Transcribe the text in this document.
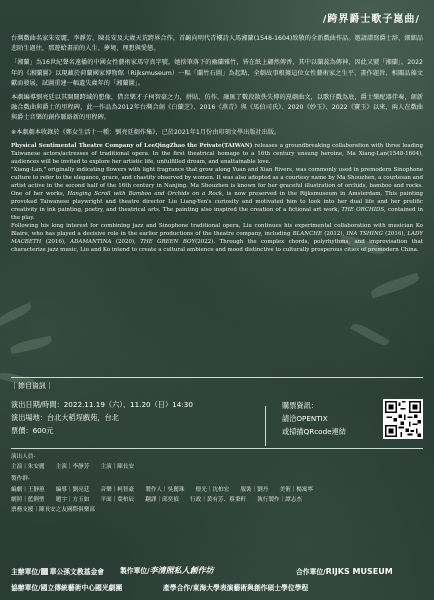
/跨界爵士歌子崑曲/

台灣戲曲名家朱安麗、李靜芳、陳長安及大歲天荒跨界合作，首齣向明代青樓詩人馬湘蘭(1548-1604)致敬的全新戲曲作品。邀請譜寫爵士辞，細細品悲陌生過往，那遊蛤畫前的人生、夢境、理想與愛戀。

「湘蘭」為16世紀聲名遠播的中國女性藝術家馬守真字號，她捨筆落下的幽蘭雅竹，皆在紙上翩然傳香，其中以蘭蕊為傳神，因此又號「湘蘭」。2022年的《湘蘭圖》以現藏於荷蘭國家博物館（Rijksmuseum）一幅「蘭竹石圖」為起點，全劇故事根據這位女性藝術家之生平、畫作題旨、相關品藻文獻而發展，試圖重建一幅遺失歲年的「湘蘭圖」。

本劇編導劉亮廷以其開闊跨域的想像，借音樂才子柯智豪之力，拼貼、仿作、融匯了數段散佚失傳的崑劇曲文，以歌仔戲為底，爵士樂配器伴奏，創新融合戲曲與爵士的里程碑，此一作品為2012年台灣合創《白蘭芝》、2016《燕青》與《馬伯司氏》、2020《妙玉》、2022《寶玉》以來，兩人在戲曲與爵士音樂的創作脈絡新的里程碑。

※本劇劇本收錄於《鄭女生活十一種：劉亮廷劇作集》，已於2021年1月份由印刻文學出版社出版。

Physical Sentimental Theatre Company of LeeQingZhao the Private(TAIWAN) releases a groundbreaking collaboration with three leading Taiwanese actors/actresses of traditional opera. In the first theatrical homage to a 16th century unsung heroine, Ma Xiang-Lan(1548-1604), audiences will be invited to explore her artistic life, unfulfilled dream, and unattainable love.

"Xiang-Lan," originally indicating flowers with light fragrance that grow along Yuan and Xian Rivers, was commonly used in premodern Sinophone culture to refer to the elegance, grace, and chastity observed by women. It was also adopted as a courtesy name by Ma Shouzhen, a courtesan and artist active in the second half of the 16th century in Nanjing. Ma Shouzhen is known for her graceful illustration of orchids, bamboo and rocks. One of her works, Hanging Scroll with Bamboo and Orchids on a Rock, is now preserved in the Rijksmuseum in Amsterdam. This painting provoked Taiwanese playwright and theatre director Liu Liang-Yen's curiosity and motivated him to look into her dual life and her prolific creativity in ink painting, poetry, and theatrical arts. The painting also inspired the creation of a fictional art work, THE ORCHIDS, contained in the play.

Following his long interest for combining jazz and Sinophone traditional opera, Liu continues his experimental collaboration with musician Ko Blaire, who has played a decisive role in the earlier productions of the theatre company, including BLANCHE (2012), INA TSHING (2016), LADY MACBETH (2016), ADAMANTINA (2020), THE GREEN BOY(2022). Through the complex chords, polyrhythms, and improvisation that characterize jazz music, Liu and Ko intend to create a cultural ambience and mood distinctive to culturally prosperous cities of premodern China.

｜節目資訊｜
演出日期/時間：2022.11.19（六）、11.20（日）14:30
演出場地：台北大稻埕戲苑，台北
票價：600元
購票資訊：
請洽OPENTIX
或掃描QRcode連結
演出人員-
主演｜朱安麗　　主演｜李靜芳　　主演｜陳長安
製作群-
編劇｜王靜蕙　　編導｜劉亮廷　　音樂｜柯智豪　　製作人｜吳麗珠　　燈光｜沈柏宏　　服裝｜劉丹　　美術｜楊寓寧
劇照｜藍俐聖　　題字｜方玉如　　平面｜葉柏辰　　翻譯｜邱奕偵　　行政｜黃有芳、蔡秉軒　　執行製作｜譚志杰
票務支援｜陳長安之友國際俱樂部
主辦單位/ 華公孫文教基金會 製作單位/李清照私人創作坊	合作單位/RIJKS MUSEUM
協辦單位/國立傳統藝術中心國光劇團	產學合作/東海大學表演藝術與創作碩士學位學程
